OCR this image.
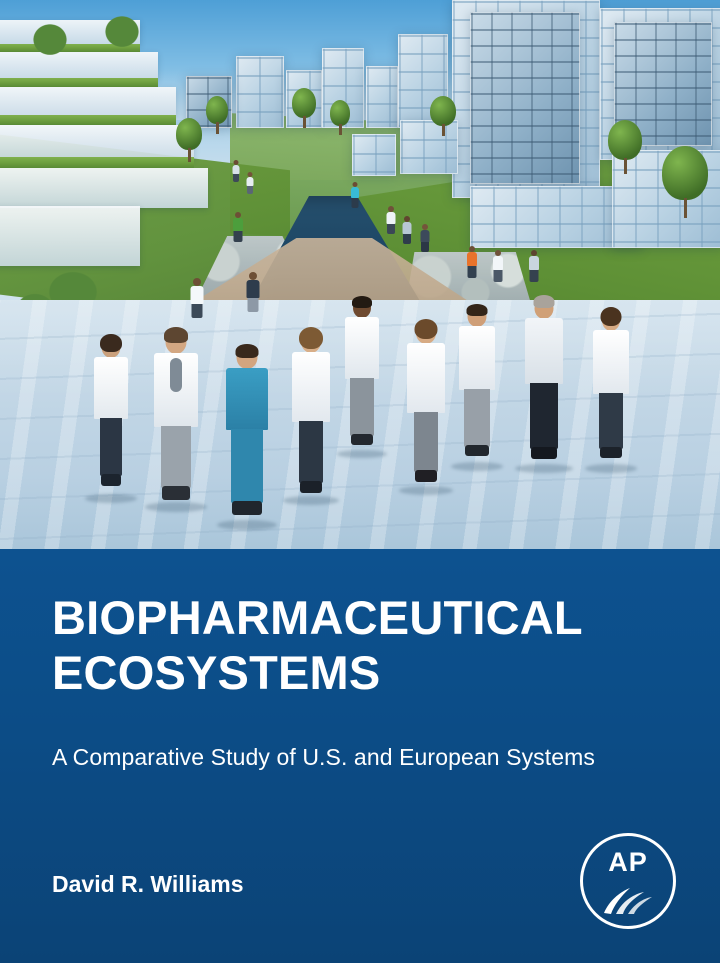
BIOPHARMACEUTICAL
ECOSYSTEMS
A Comparative Study of U.S. and European Systems
David R. Williams
AP
